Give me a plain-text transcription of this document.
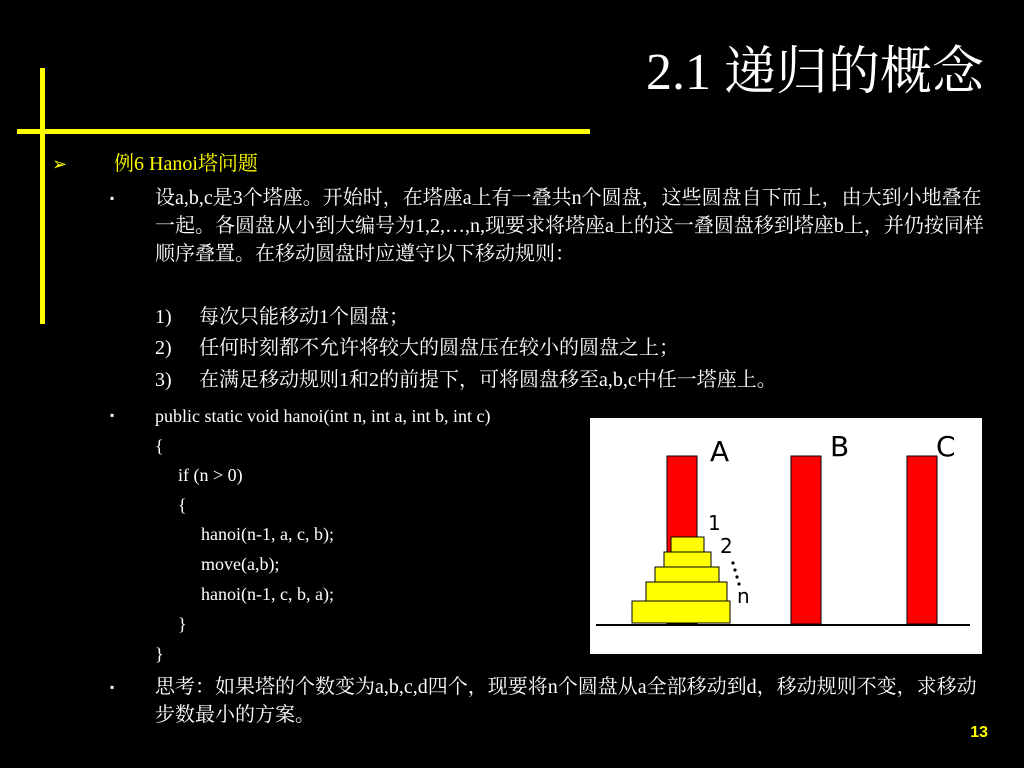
2.1 递归的概念
➢ 例6 Hanoi塔问题
▪	设a,b,c是3个塔座。开始时，在塔座a上有一叠共n个圆盘，这些圆盘自下而上，由大到小地叠在一起。各圆盘从小到大编号为1,2,…,n,现要求将塔座a上的这一叠圆盘移到塔座b上，并仍按同样顺序叠置。在移动圆盘时应遵守以下移动规则：
1) 每次只能移动1个圆盘；
2) 任何时刻都不允许将较大的圆盘压在较小的圆盘之上；
3) 在满足移动规则1和2的前提下，可将圆盘移至a,b,c中任一塔座上。
▪	public static void hanoi(int n, int a, int b, int c)
{
if (n > 0)
{
hanoi(n-1, a, c, b);
move(a,b);
hanoi(n-1, c, b, a);
}
}
A	B	C
1
2
n
▪	思考：如果塔的个数变为a,b,c,d四个，现要将n个圆盘从a全部移动到d，移动规则不变，求移动步数最小的方案。
13
